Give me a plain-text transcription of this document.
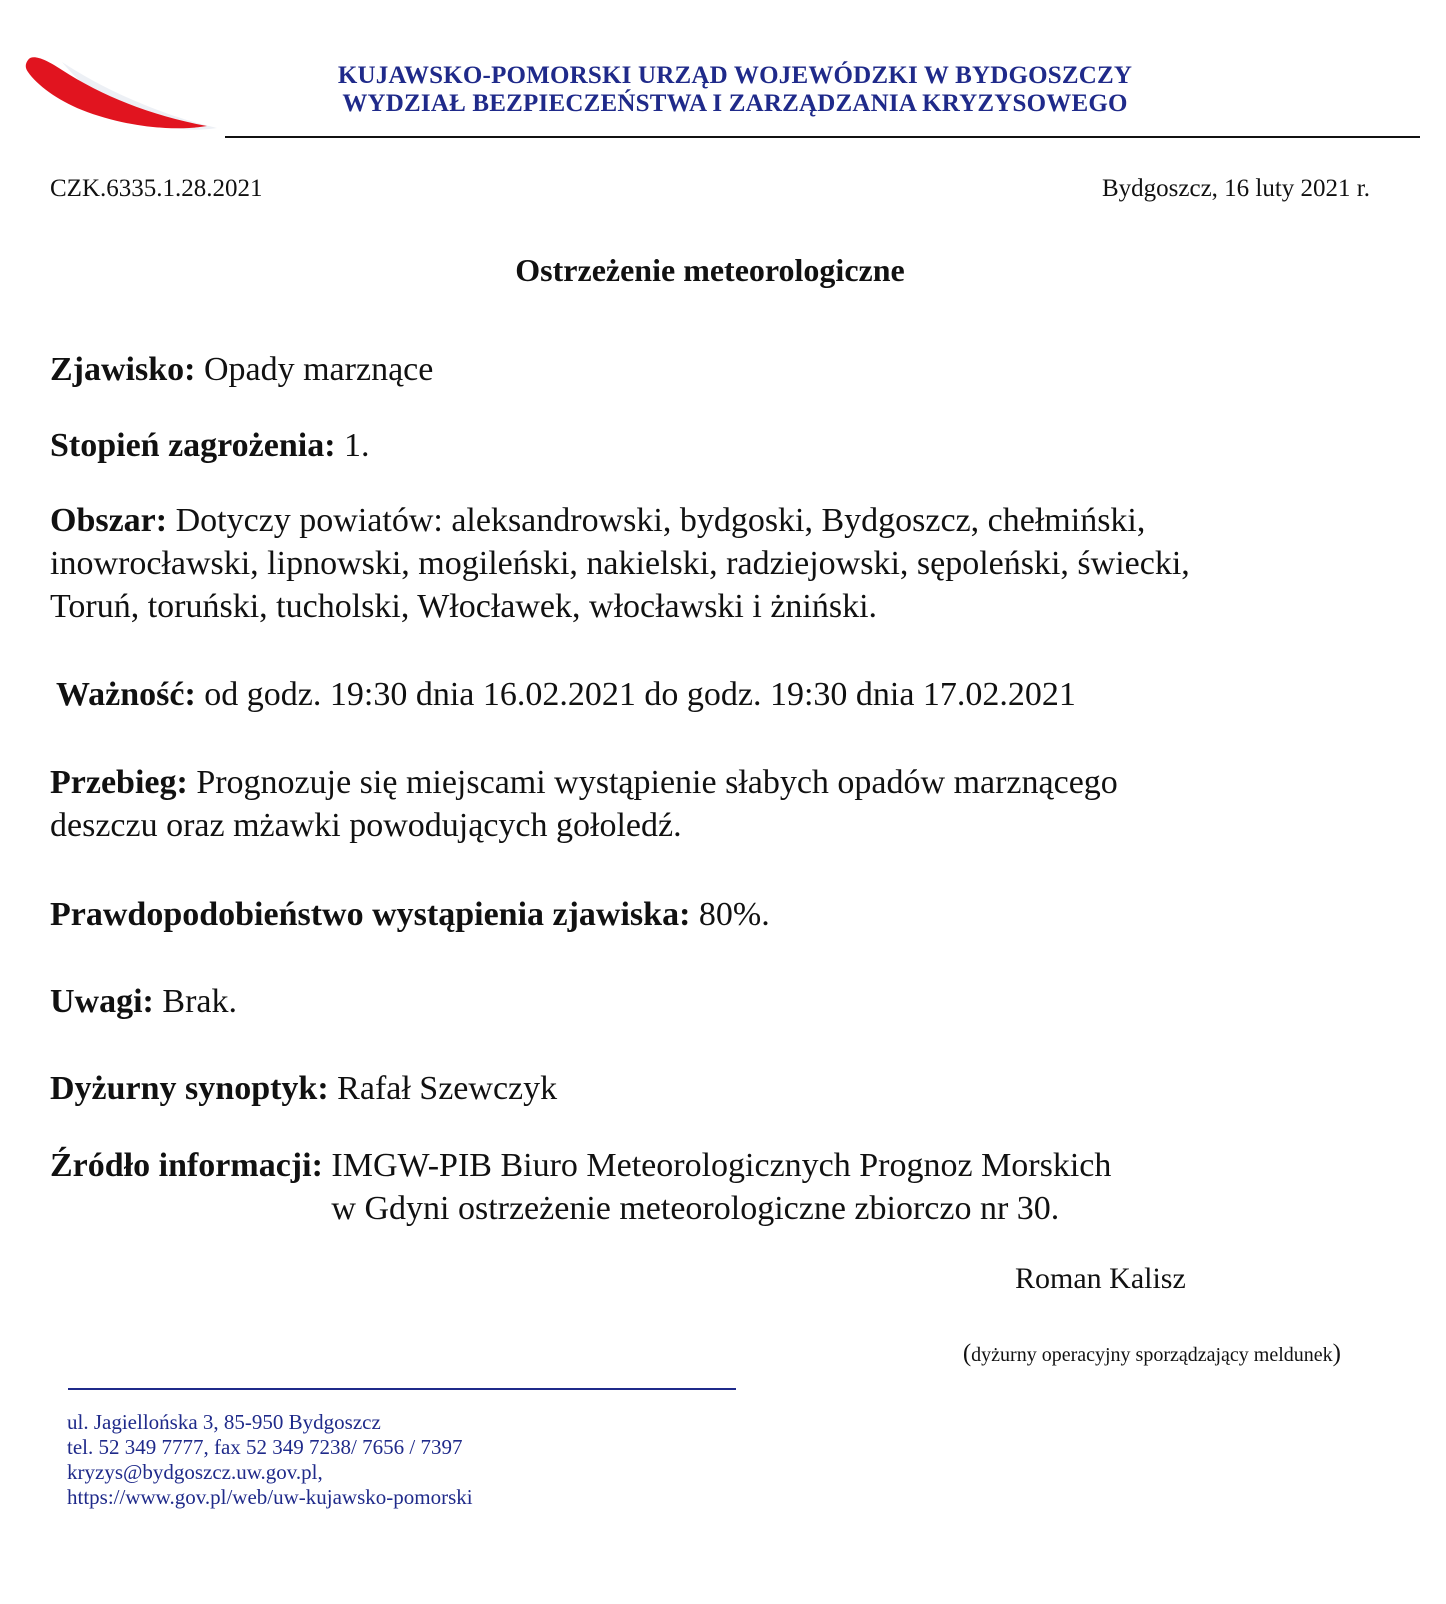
KUJAWSKO-POMORSKI URZĄD WOJEWÓDZKI W BYDGOSZCZY
WYDZIAŁ BEZPIECZEŃSTWA I ZARZĄDZANIA KRYZYSOWEGO
CZK.6335.1.28.2021	Bydgoszcz, 16 luty 2021 r.
Ostrzeżenie meteorologiczne
Zjawisko: Opady marznące
Stopień zagrożenia: 1.
Obszar: Dotyczy powiatów: aleksandrowski, bydgoski, Bydgoszcz, chełmiński,
inowrocławski, lipnowski, mogileński, nakielski, radziejowski, sępoleński, świecki,
Toruń, toruński, tucholski, Włocławek, włocławski i żniński.
Ważność: od godz. 19:30 dnia 16.02.2021 do godz. 19:30 dnia 17.02.2021
Przebieg: Prognozuje się miejscami wystąpienie słabych opadów marznącego
deszczu oraz mżawki powodujących gołoledź.
Prawdopodobieństwo wystąpienia zjawiska: 80%.
Uwagi: Brak.
Dyżurny synoptyk: Rafał Szewczyk
Źródło informacji: IMGW-PIB Biuro Meteorologicznych Prognoz Morskich
w Gdyni ostrzeżenie meteorologiczne zbiorczo nr 30.
Roman Kalisz
(dyżurny operacyjny sporządzający meldunek)
ul. Jagiellońska 3, 85-950 Bydgoszcz
tel. 52 349 7777, fax 52 349 7238/ 7656 / 7397
kryzys@bydgoszcz.uw.gov.pl,
https://www.gov.pl/web/uw-kujawsko-pomorski
